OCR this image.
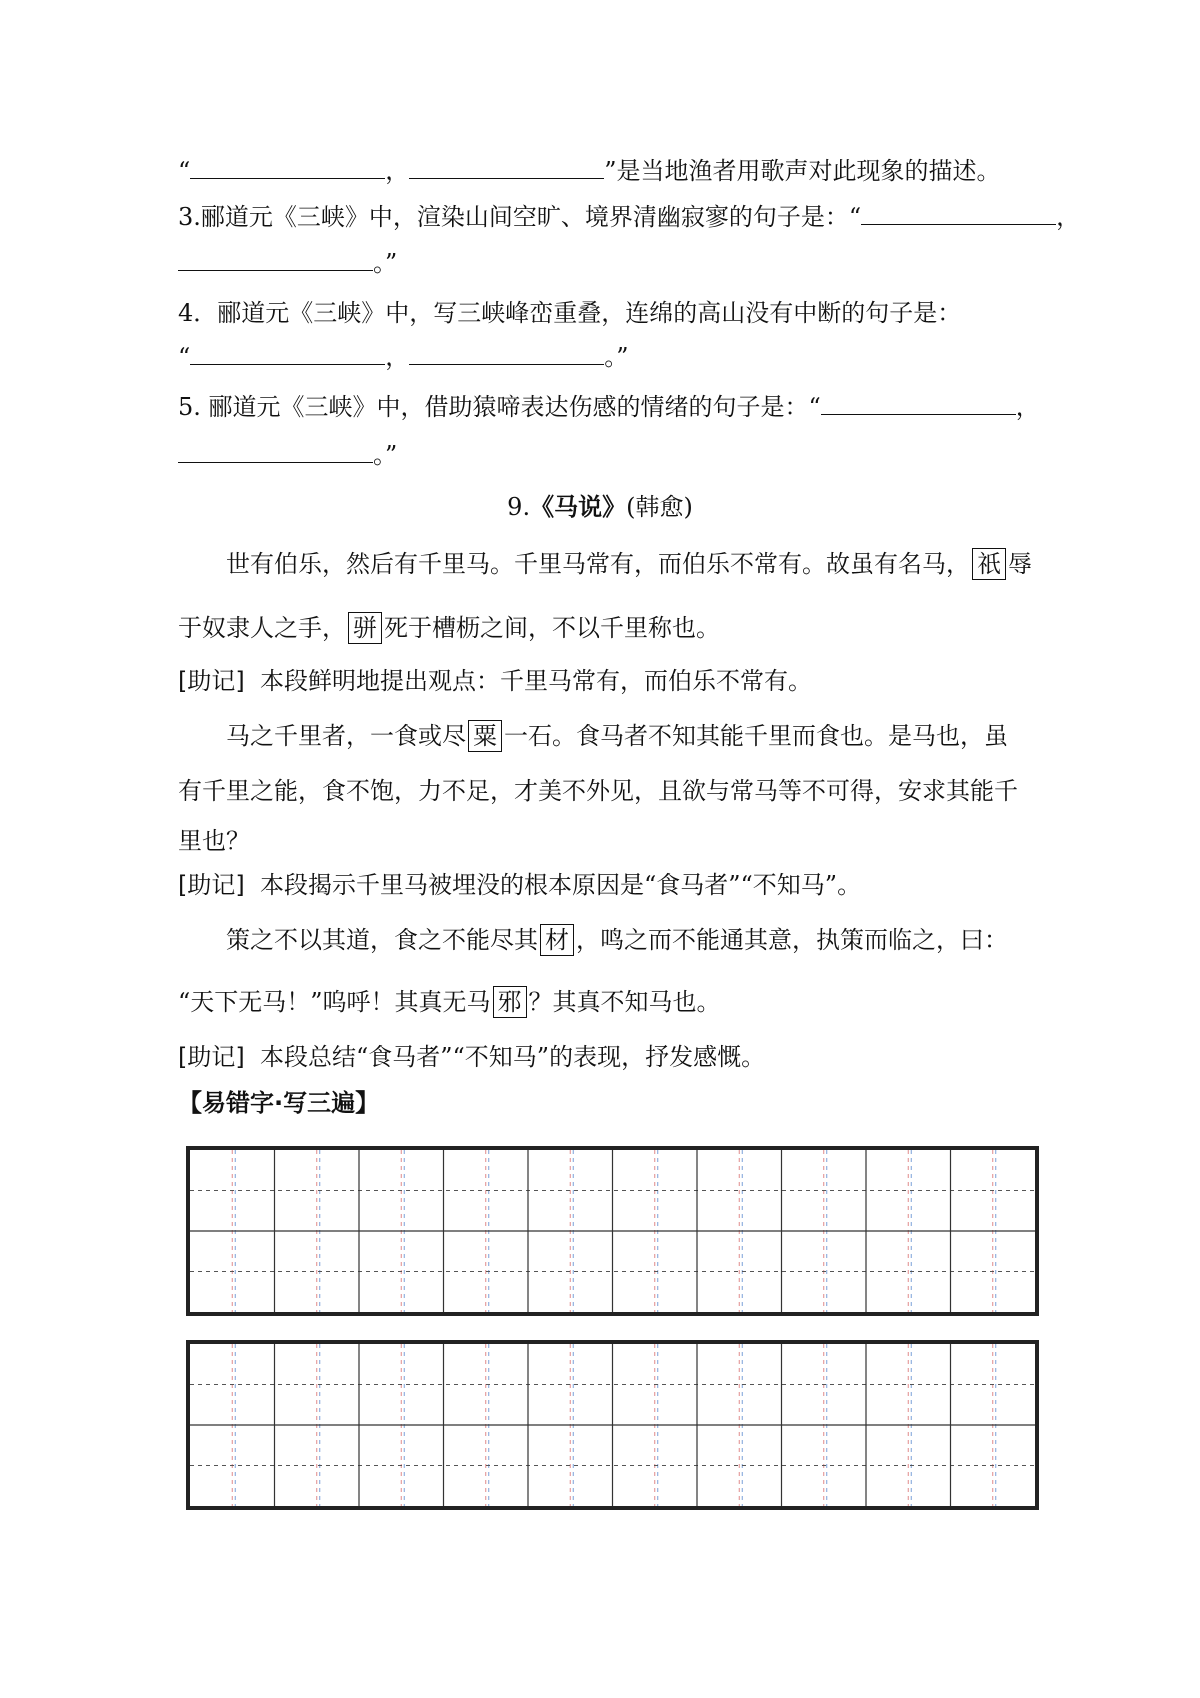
“	，	”是当地渔者用歌声对此现象的描述。
3.郦道元《三峡》中，渲染山间空旷、境界清幽寂寥的句子是：“	，
。”
4．郦道元《三峡》中，写三峡峰峦重叠，连绵的高山没有中断的句子是：
“	，	。”
5. 郦道元《三峡》中，借助猿啼表达伤感的情绪的句子是：“	，
。”
9.《马说》(韩愈)
世有伯乐，然后有千里马。千里马常有，而伯乐不常有。故虽有名马， 祇 辱
于奴隶人之手， 骈 死于槽枥之间，不以千里称也。
[助记] 本段鲜明地提出观点：千里马常有，而伯乐不常有。
马之千里者，一食或尽 粟 一石。食马者不知其能千里而食也。是马也，虽
有千里之能，食不饱，力不足，才美不外见，且欲与常马等不可得，安求其能千
里也？
[助记] 本段揭示千里马被埋没的根本原因是“食马者”“不知马”。
策之不以其道，食之不能尽其 材 ，鸣之而不能通其意，执策而临之，曰：
“天下无马！”呜呼！其真无马 邪 ？其真不知马也。
[助记] 本段总结“食马者”“不知马”的表现，抒发感慨。
【易错字·写三遍】
